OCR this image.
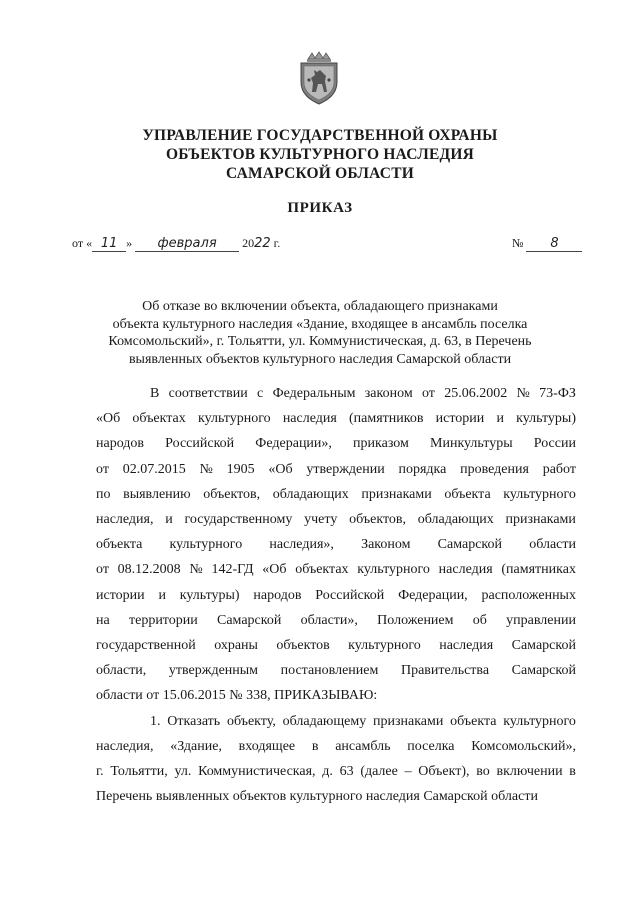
УПРАВЛЕНИЕ ГОСУДАРСТВЕННОЙ ОХРАНЫ
ОБЪЕКТОВ КУЛЬТУРНОГО НАСЛЕДИЯ
САМАРСКОЙ ОБЛАСТИ
ПРИКАЗ
от « 11 » февраля 2022 г.	№ 8
Об отказе во включении объекта, обладающего признаками
объекта культурного наследия «Здание, входящее в ансамбль поселка
Комсомольский», г. Тольятти, ул. Коммунистическая, д. 63, в Перечень
выявленных объектов культурного наследия Самарской области
В соответствии с Федеральным законом от 25.06.2002 № 73-ФЗ
«Об объектах культурного наследия (памятников истории и культуры)
народов Российской Федерации», приказом Минкультуры России
от 02.07.2015 № 1905 «Об утверждении порядка проведения работ
по выявлению объектов, обладающих признаками объекта культурного
наследия, и государственному учету объектов, обладающих признаками
объекта культурного наследия», Законом Самарской области
от 08.12.2008 № 142-ГД «Об объектах культурного наследия (памятниках
истории и культуры) народов Российской Федерации, расположенных
на территории Самарской области», Положением об управлении
государственной охраны объектов культурного наследия Самарской
области, утвержденным постановлением Правительства Самарской
области от 15.06.2015 № 338, ПРИКАЗЫВАЮ:
1. Отказать объекту, обладающему признаками объекта культурного
наследия, «Здание, входящее в ансамбль поселка Комсомольский»,
г. Тольятти, ул. Коммунистическая, д. 63 (далее – Объект), во включении в
Перечень выявленных объектов культурного наследия Самарской области
